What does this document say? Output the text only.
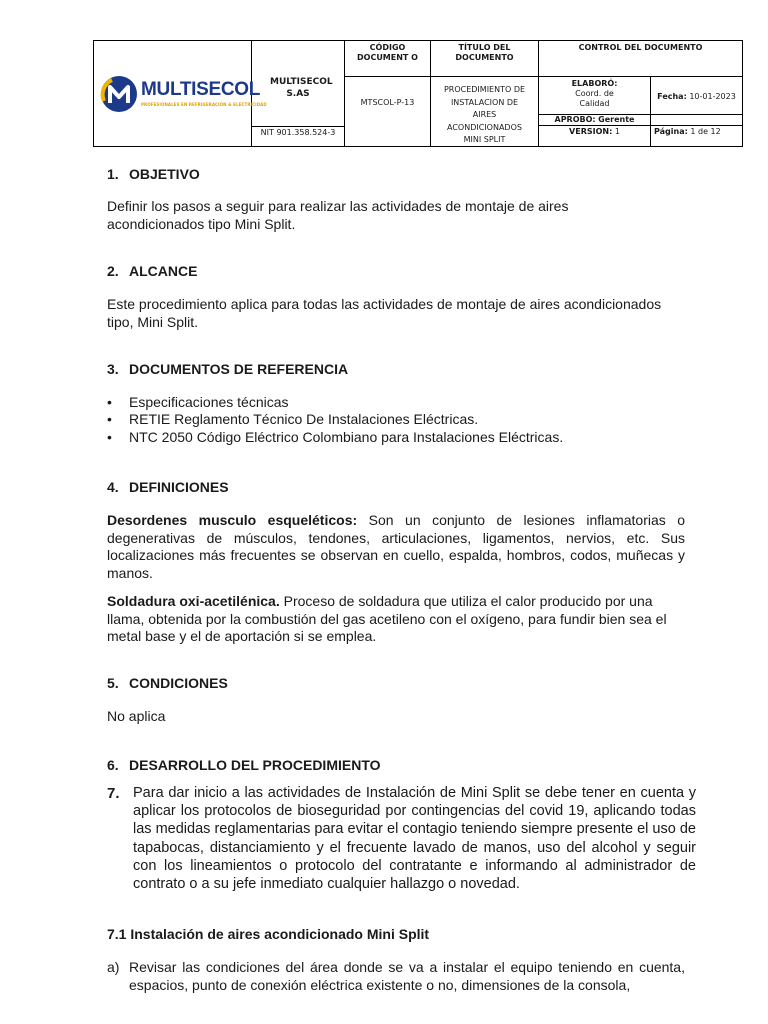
MULTISECOL
PROFESIONALES EN REFRIGERACIÓN & ELECTRICIDAD
MULTISECOL S.AS
NIT 901.358.524-3
CÓDIGO DOCUMENT O
MTSCOL-P-13
TÍTULO DEL DOCUMENTO
PROCEDIMIENTO DE INSTALACION DE AIRES ACONDICIONADOS MINI SPLIT
CONTROL DEL DOCUMENTO
ELABORÓ: Coord. de Calidad
Fecha: 10-01-2023
APROBÓ: Gerente
VERSION: 1	Página: 1 de 12
1. OBJETIVO
Definir los pasos a seguir para realizar las actividades de montaje de aires acondicionados tipo Mini Split.
2. ALCANCE
Este procedimiento aplica para todas las actividades de montaje de aires acondicionados tipo, Mini Split.
3. DOCUMENTOS DE REFERENCIA
• Especificaciones técnicas
• RETIE Reglamento Técnico De Instalaciones Eléctricas.
• NTC 2050 Código Eléctrico Colombiano para Instalaciones Eléctricas.
4. DEFINICIONES
Desordenes musculo esqueléticos: Son un conjunto de lesiones inflamatorias o degenerativas de músculos, tendones, articulaciones, ligamentos, nervios, etc. Sus localizaciones más frecuentes se observan en cuello, espalda, hombros, codos, muñecas y manos.
Soldadura oxi-acetilénica. Proceso de soldadura que utiliza el calor producido por una llama, obtenida por la combustión del gas acetileno con el oxígeno, para fundir bien sea el metal base y el de aportación si se emplea.
5. CONDICIONES
No aplica
6. DESARROLLO DEL PROCEDIMIENTO
7. Para dar inicio a las actividades de Instalación de Mini Split se debe tener en cuenta y aplicar los protocolos de bioseguridad por contingencias del covid 19, aplicando todas las medidas reglamentarias para evitar el contagio teniendo siempre presente el uso de tapabocas, distanciamiento y el frecuente lavado de manos, uso del alcohol y seguir con los lineamientos o protocolo del contratante e informando al administrador de contrato o a su jefe inmediato cualquier hallazgo o novedad.
7.1 Instalación de aires acondicionado Mini Split
a) Revisar las condiciones del área donde se va a instalar el equipo teniendo en cuenta, espacios, punto de conexión eléctrica existente o no, dimensiones de la consola,
